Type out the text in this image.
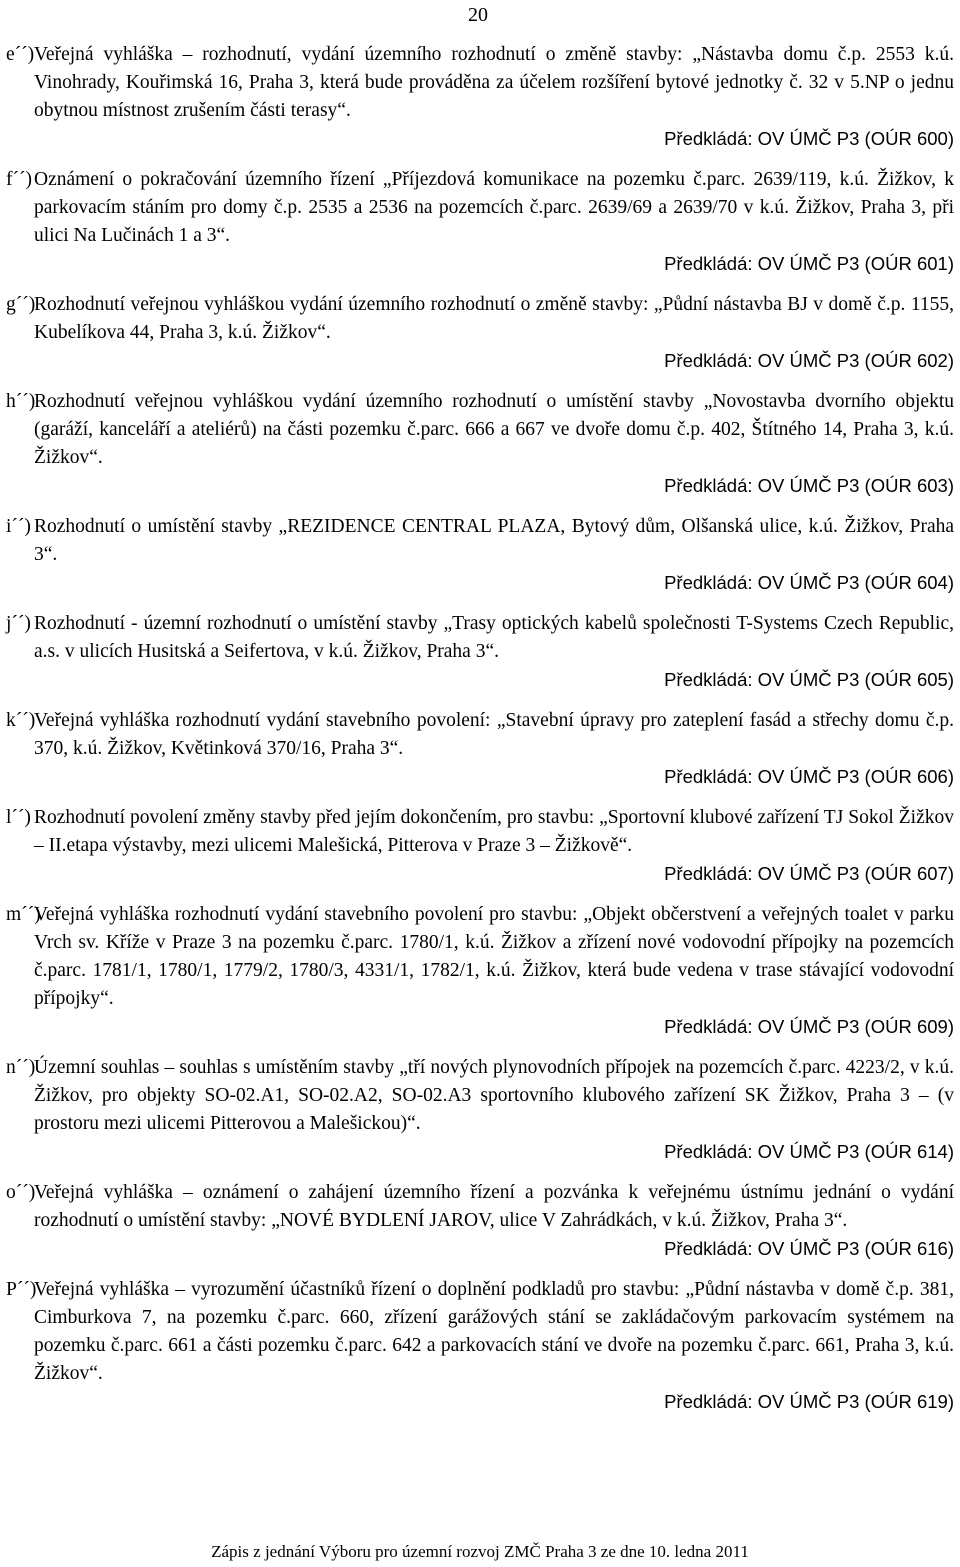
20
e´´) Veřejná vyhláška – rozhodnutí, vydání územního rozhodnutí o změně stavby: „Nástavba domu č.p. 2553 k.ú. Vinohrady, Kouřimská 16, Praha 3, která bude prováděna za účelem rozšíření bytové jednotky č. 32 v 5.NP o jednu obytnou místnost zrušením části terasy“.
Předkládá: OV ÚMČ P3 (OÚR 600)
f´´) Oznámení o pokračování územního řízení „Příjezdová komunikace na pozemku č.parc. 2639/119, k.ú. Žižkov, k parkovacím stáním pro domy č.p. 2535 a 2536 na pozemcích č.parc. 2639/69 a 2639/70 v k.ú. Žižkov, Praha 3, při ulici Na Lučinách 1 a 3“.
Předkládá: OV ÚMČ P3 (OÚR 601)
g´´)
Rozhodnutí veřejnou vyhláškou vydání územního rozhodnutí o změně stavby: „Půdní nástavba BJ v domě č.p. 1155, Kubelíkova 44, Praha 3, k.ú. Žižkov“.
Předkládá: OV ÚMČ P3 (OÚR 602)
h´´)
Rozhodnutí veřejnou vyhláškou vydání územního rozhodnutí o umístění stavby „Novostavba dvorního objektu (garáží, kanceláří a ateliérů) na části pozemku č.parc. 666 a 667 ve dvoře domu č.p. 402, Štítného 14, Praha 3, k.ú. Žižkov“.
Předkládá: OV ÚMČ P3 (OÚR 603)
i´´) Rozhodnutí o umístění stavby „REZIDENCE CENTRAL PLAZA, Bytový dům, Olšanská ulice, k.ú. Žižkov, Praha 3“.
Předkládá: OV ÚMČ P3 (OÚR 604)
j´´) Rozhodnutí - územní rozhodnutí o umístění stavby „Trasy optických kabelů společnosti T-Systems Czech Republic, a.s. v ulicích Husitská a Seifertova, v k.ú. Žižkov, Praha 3“.
Předkládá: OV ÚMČ P3 (OÚR 605)
k´´)
Veřejná vyhláška rozhodnutí vydání stavebního povolení: „Stavební úpravy pro zateplení fasád a střechy domu č.p. 370, k.ú. Žižkov, Květinková 370/16, Praha 3“.
Předkládá: OV ÚMČ P3 (OÚR 606)
l´´) Rozhodnutí povolení změny stavby před jejím dokončením, pro stavbu: „Sportovní klubové zařízení TJ Sokol Žižkov – II.etapa výstavby, mezi ulicemi Malešická, Pitterova v Praze 3 – Žižkově“.
Předkládá: OV ÚMČ P3 (OÚR 607)
m´´)
Veřejná vyhláška rozhodnutí vydání stavebního povolení pro stavbu: „Objekt občerstvení a veřejných toalet v parku Vrch sv. Kříže v Praze 3 na pozemku č.parc. 1780/1, k.ú. Žižkov a zřízení nové vodovodní přípojky na pozemcích č.parc. 1781/1, 1780/1, 1779/2, 1780/3, 4331/1, 1782/1, k.ú. Žižkov, která bude vedena v trase stávající vodovodní přípojky“.
Předkládá: OV ÚMČ P3 (OÚR 609)
n´´)
Územní souhlas – souhlas s umístěním stavby „tří nových plynovodních přípojek na pozemcích č.parc. 4223/2, v k.ú. Žižkov, pro objekty SO-02.A1, SO-02.A2, SO-02.A3 sportovního klubového zařízení SK Žižkov, Praha 3 – (v prostoru mezi ulicemi Pitterovou a Malešickou)“.
Předkládá: OV ÚMČ P3 (OÚR 614)
o´´)
Veřejná vyhláška – oznámení o zahájení územního řízení a pozvánka k veřejnému ústnímu jednání o vydání rozhodnutí o umístění stavby: „NOVÉ BYDLENÍ JAROV, ulice V Zahrádkách, v k.ú. Žižkov, Praha 3“.
Předkládá: OV ÚMČ P3 (OÚR 616)
P´´)
Veřejná vyhláška – vyrozumění účastníků řízení o doplnění podkladů pro stavbu: „Půdní nástavba v domě č.p. 381, Cimburkova 7, na pozemku č.parc. 660, zřízení garážových stání se zakládačovým parkovacím systémem na pozemku č.parc. 661 a části pozemku č.parc. 642 a parkovacích stání ve dvoře na pozemku č.parc. 661, Praha 3, k.ú. Žižkov“.
Předkládá: OV ÚMČ P3 (OÚR 619)
Zápis z jednání Výboru pro územní rozvoj ZMČ Praha 3 ze dne 10. ledna 2011
